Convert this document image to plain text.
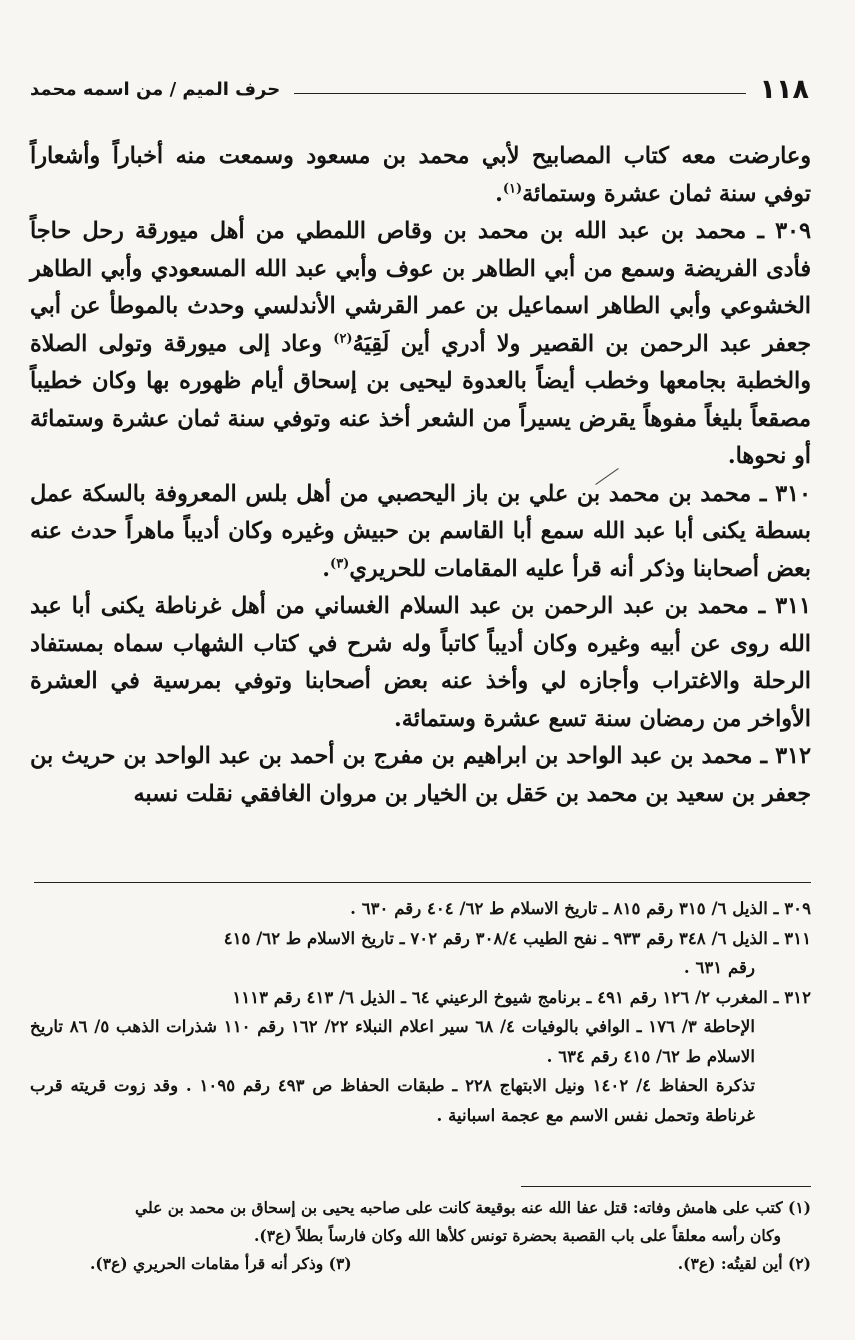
١١٨
حرف الميم / من اسمه محمد

وعارضت معه كتاب المصابيح لأبي محمد بن مسعود وسمعت منه أخباراً وأشعاراً توفي سنة ثمان عشرة وستمائة$^{(١)}$.

٣٠٩ ـ محمد بن عبد الله بن محمد بن وقاص اللمطي من أهل ميورقة رحل حاجاً فأدى الفريضة وسمع من أبي الطاهر بن عوف وأبي عبد الله المسعودي وأبي الطاهر الخشوعي وأبي الطاهر اسماعيل بن عمر القرشي الأندلسي وحدث بالموطأ عن أبي جعفر عبد الرحمن بن القصير ولا أدري أين لَقِيَهُ$^{(٢)}$ وعاد إلى ميورقة وتولى الصلاة والخطبة بجامعها وخطب أيضاً بالعدوة ليحيى بن إسحاق أيام ظهوره بها وكان خطيباً مصقعاً بليغاً مفوهاً يقرض يسيراً من الشعر أخذ عنه وتوفي سنة ثمان عشرة وستمائة أو نحوها.

٣١٠ ـ محمد بن محمد بن علي بن باز اليحصبي من أهل بلس المعروفة بالسكة عمل بسطة يكنى أبا عبد الله سمع أبا القاسم بن حبيش وغيره وكان أديباً ماهراً حدث عنه بعض أصحابنا وذكر أنه قرأ عليه المقامات للحريري$^{(٣)}$.

٣١١ ـ محمد بن عبد الرحمن بن عبد السلام الغساني من أهل غرناطة يكنى أبا عبد الله روى عن أبيه وغيره وكان أديباً كاتباً وله شرح في كتاب الشهاب سماه بمستفاد الرحلة والاغتراب وأجازه لي وأخذ عنه بعض أصحابنا وتوفي بمرسية في العشرة الأواخر من رمضان سنة تسع عشرة وستمائة.

٣١٢ ـ محمد بن عبد الواحد بن ابراهيم بن مفرج بن أحمد بن عبد الواحد بن حريث بن جعفر بن سعيد بن محمد بن حَقل بن الخيار بن مروان الغافقي نقلت نسبه

٣٠٩ ـ الذيل ٦/ ٣١٥ رقم ٨١٥ ـ تاريخ الاسلام ط ٦٢/ ٤٠٤ رقم ٦٣٠ .

٣١١ ـ الذيل ٦/ ٣٤٨ رقم ٩٣٣ ـ نفح الطيب ٣٠٨/٤ رقم ٧٠٢ ـ تاريخ الاسلام ط ٦٢/ ٤١٥

رقم ٦٣١ .

٣١٢ ـ المغرب ٢/ ١٢٦ رقم ٤٩١ ـ برنامج شيوخ الرعيني ٦٤ ـ الذيل ٦/ ٤١٣ رقم ١١١٣

الإحاطة ٣/ ١٧٦ ـ الوافي بالوفيات ٤/ ٦٨ سير اعلام النبلاء ٢٢/ ١٦٢ رقم ١١٠ شذرات الذهب ٥/ ٨٦ تاريخ الاسلام ط ٦٢/ ٤١٥ رقم ٦٣٤ .

تذكرة الحفاظ ٤/ ١٤٠٢ ونيل الابتهاج ٢٢٨ ـ طبقات الحفاظ ص ٤٩٣ رقم ١٠٩٥ . وقد زوت قريته قرب غرناطة وتحمل نفس الاسم مع عجمة اسبانية .

(١) كتب على هامش وفاته: قتل عفا الله عنه بوقيعة كانت على صاحبه يحيى بن إسحاق بن محمد بن علي

وكان رأسه معلقاً على باب القصبة بحضرة تونس كلأها الله وكان فارساً بطلاً (ع٣).

(٢) أين لقيتُه: (ع٣).
(٣) وذكر أنه قرأ مقامات الحريري (ع٣).
